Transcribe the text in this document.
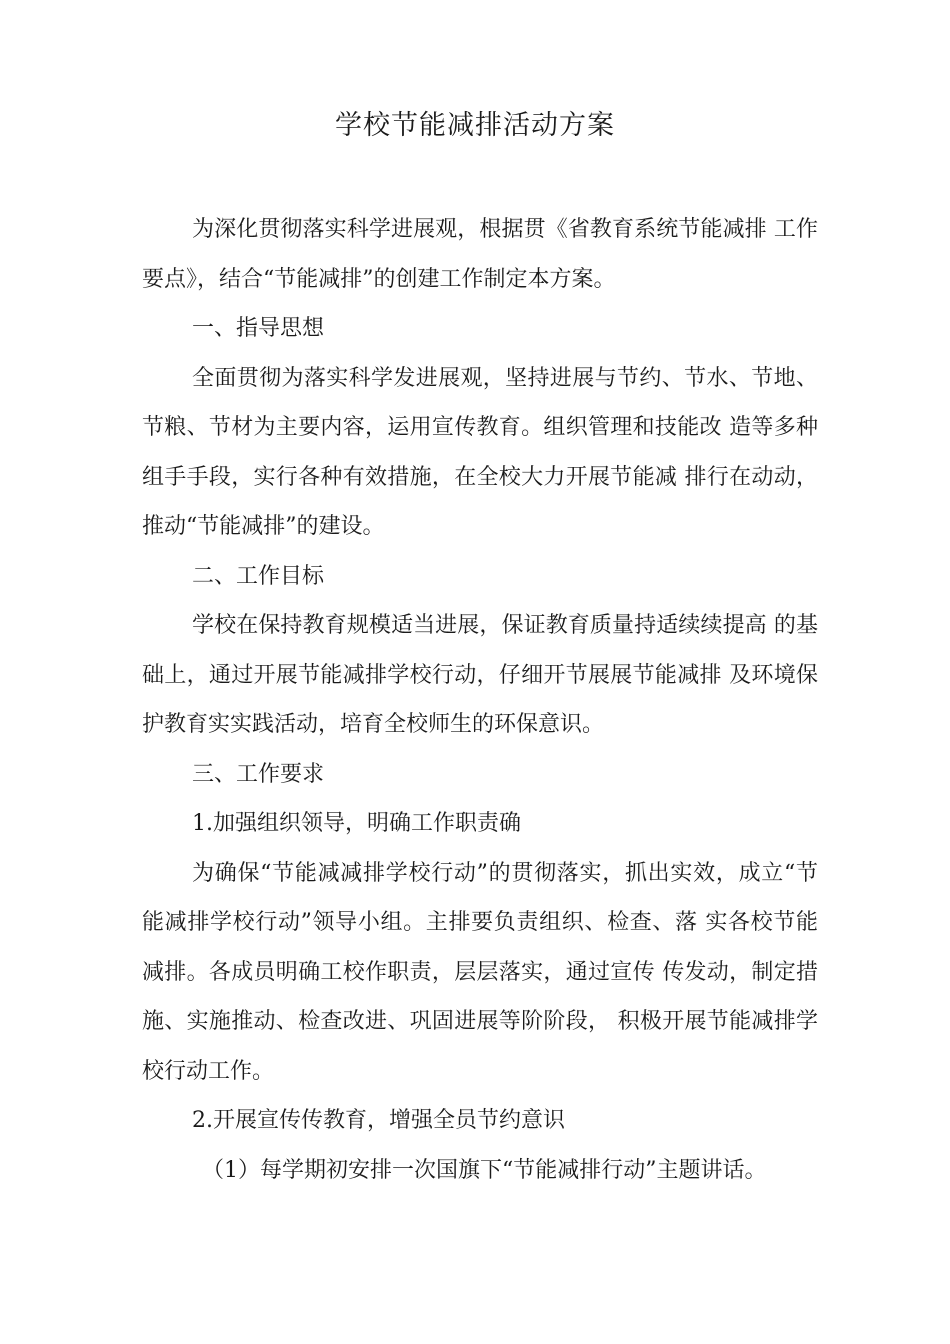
学校节能减排活动方案

为深化贯彻落实科学进展观，根据贯《省教育系统节能减排 工作要点》，结合“节能减排”的创建工作制定本方案。

一、指导思想

全面贯彻为落实科学发进展观，坚持进展与节约、节水、节地、节粮、节材为主要内容，运用宣传教育。组织管理和技能改 造等多种组手手段，实行各种有效措施，在全校大力开展节能减 排行在动动，推动“节能减排”的建设。

二、工作目标

学校在保持教育规模适当进展，保证教育质量持适续续提高 的基础上，通过开展节能减排学校行动，仔细开节展展节能减排 及环境保护教育实实践活动，培育全校师生的环保意识。

三、工作要求

1.加强组织领导，明确工作职责确

为确保“节能减减排学校行动”的贯彻落实，抓出实效，成立“节能减排学校行动”领导小组。主排要负责组织、检查、落 实各校节能减排。各成员明确工校作职责，层层落实，通过宣传 传发动，制定措施、实施推动、检查改进、巩固进展等阶阶段， 积极开展节能减排学校行动工作。

2.开展宣传传教育，增强全员节约意识

（1）每学期初安排一次国旗下“节能减排行动”主题讲话。
